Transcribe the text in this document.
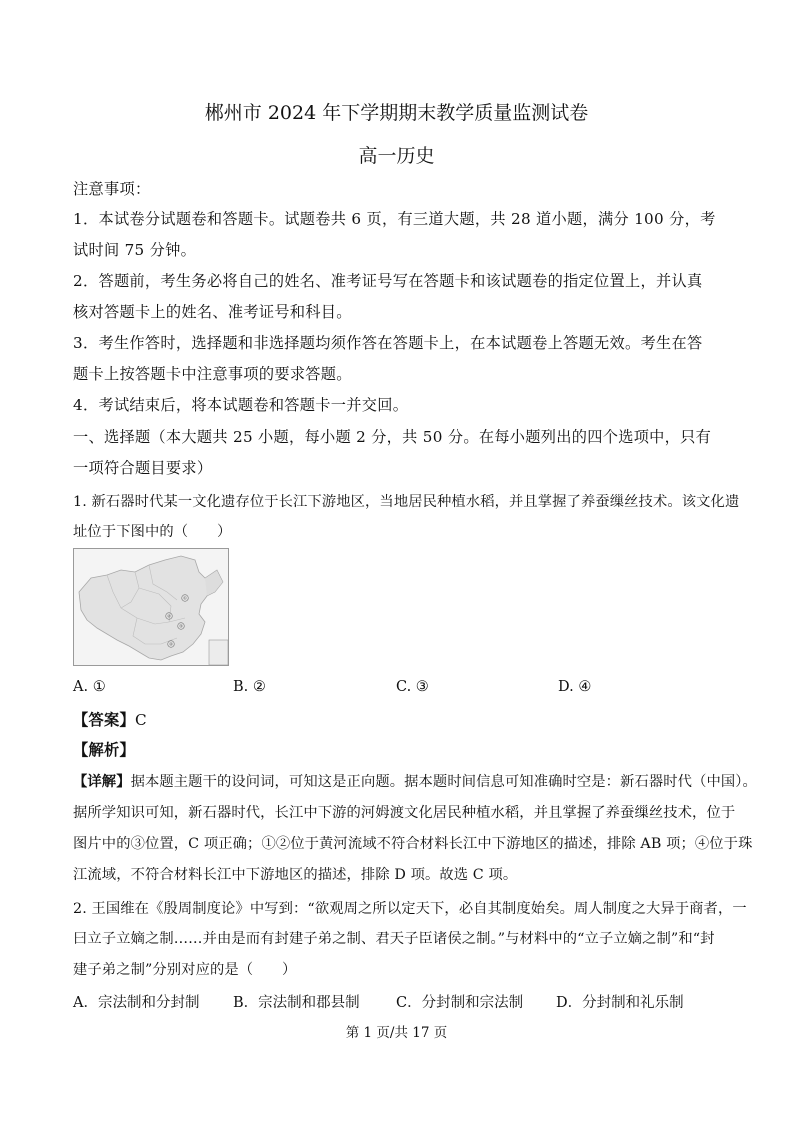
郴州市 2024 年下学期期末教学质量监测试卷
高一历史
注意事项：
1．本试卷分试题卷和答题卡。试题卷共 6 页，有三道大题，共 28 道小题，满分 100 分，考
试时间 75 分钟。
2．答题前，考生务必将自己的姓名、准考证号写在答题卡和该试题卷的指定位置上，并认真
核对答题卡上的姓名、准考证号和科目。
3．考生作答时，选择题和非选择题均须作答在答题卡上，在本试题卷上答题无效。考生在答
题卡上按答题卡中注意事项的要求答题。
4．考试结束后，将本试题卷和答题卡一并交回。
一、选择题（本大题共 25 小题，每小题 2 分，共 50 分。在每小题列出的四个选项中，只有
一项符合题目要求）
1. 新石器时代某一文化遗存位于长江下游地区，当地居民种植水稻，并且掌握了养蚕缫丝技术。该文化遗
址位于下图中的（　　）
①
②
③
④
A. ①	B. ②	C. ③	D. ④
【答案】C
【解析】
【详解】据本题主题干的设问词，可知这是正向题。据本题时间信息可知准确时空是：新石器时代（中国）。
据所学知识可知，新石器时代，长江中下游的河姆渡文化居民种植水稻，并且掌握了养蚕缫丝技术，位于
图片中的③位置，C 项正确；①②位于黄河流域不符合材料长江中下游地区的描述，排除 AB 项；④位于珠
江流域，不符合材料长江中下游地区的描述，排除 D 项。故选 C 项。
2. 王国维在《殷周制度论》中写到：“欲观周之所以定天下，必自其制度始矣。周人制度之大异于商者，一
曰立子立嫡之制……并由是而有封建子弟之制、君天子臣诸侯之制。”与材料中的“立子立嫡之制”和“封
建子弟之制”分别对应的是（　　）
A．宗法制和分封制 B．宗法制和郡县制	C．分封制和宗法制 D．分封制和礼乐制
第 1 页/共 17 页
